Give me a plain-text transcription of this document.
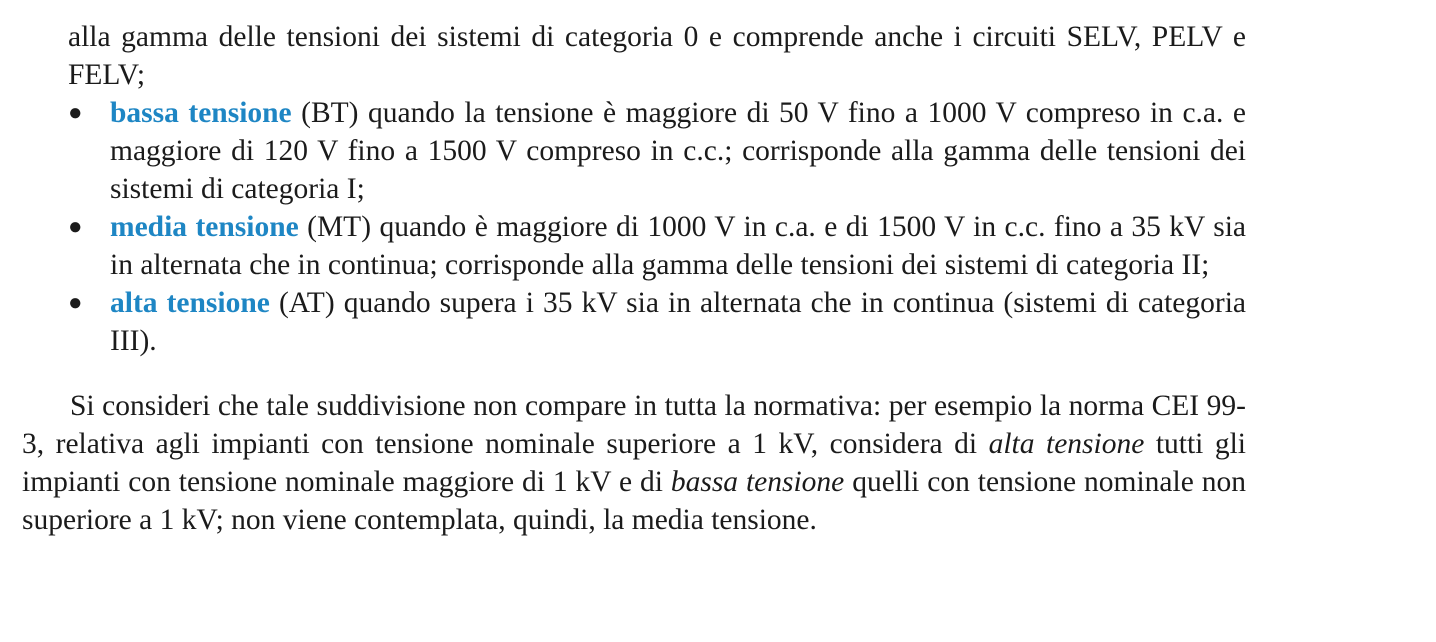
alla gamma delle tensioni dei sistemi di categoria 0 e comprende anche i circuiti SELV, PELV e FELV;

● bassa tensione (BT) quando la tensione è maggiore di 50 V fino a 1000 V compreso in c.a. e maggiore di 120 V fino a 1500 V compreso in c.c.; corrisponde alla gamma delle tensioni dei sistemi di categoria I;
● media tensione (MT) quando è maggiore di 1000 V in c.a. e di 1500 V in c.c. fino a 35 kV sia in alternata che in continua; corrisponde alla gamma delle tensioni dei sistemi di categoria II;
● alta tensione (AT) quando supera i 35 kV sia in alternata che in continua (sistemi di categoria III).

Si consideri che tale suddivisione non compare in tutta la normativa: per esempio la norma CEI 99-3, relativa agli impianti con tensione nominale superiore a 1 kV, considera di alta tensione tutti gli impianti con tensione nominale maggiore di 1 kV e di bassa tensione quelli con tensione nominale non superiore a 1 kV; non viene contemplata, quindi, la media tensione.
